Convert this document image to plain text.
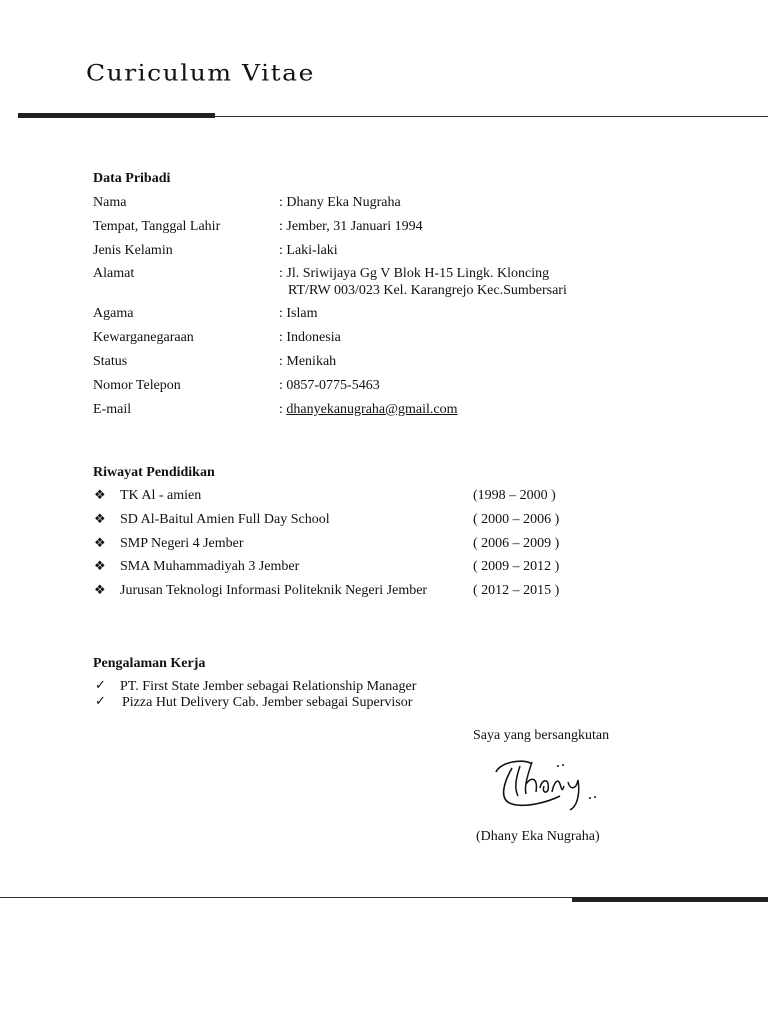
Curiculum Vitae
Data Pribadi
Nama	: Dhany Eka Nugraha
Tempat, Tanggal Lahir	: Jember, 31 Januari 1994
Jenis Kelamin	: Laki-laki
Alamat	: Jl. Sriwijaya Gg V Blok H-15 Lingk. Kloncing
RT/RW 003/023 Kel. Karangrejo Kec.Sumbersari
Agama	: Islam
Kewarganegaraan	: Indonesia
Status	: Menikah
Nomor Telepon	: 0857-0775-5463
E-mail	: dhanyekanugraha@gmail.com
Riwayat Pendidikan
❖ TK Al - amien	(1998 – 2000 )
❖ SD Al-Baitul Amien Full Day School	( 2000 – 2006 )
❖ SMP Negeri 4 Jember	( 2006 – 2009 )
❖ SMA Muhammadiyah 3 Jember	( 2009 – 2012 )
❖ Jurusan Teknologi Informasi Politeknik Negeri Jember	( 2012 – 2015 )
Pengalaman Kerja
✓ PT. First State Jember sebagai Relationship Manager
✓ Pizza Hut Delivery Cab. Jember sebagai Supervisor
Saya yang bersangkutan
(Dhany Eka Nugraha)
